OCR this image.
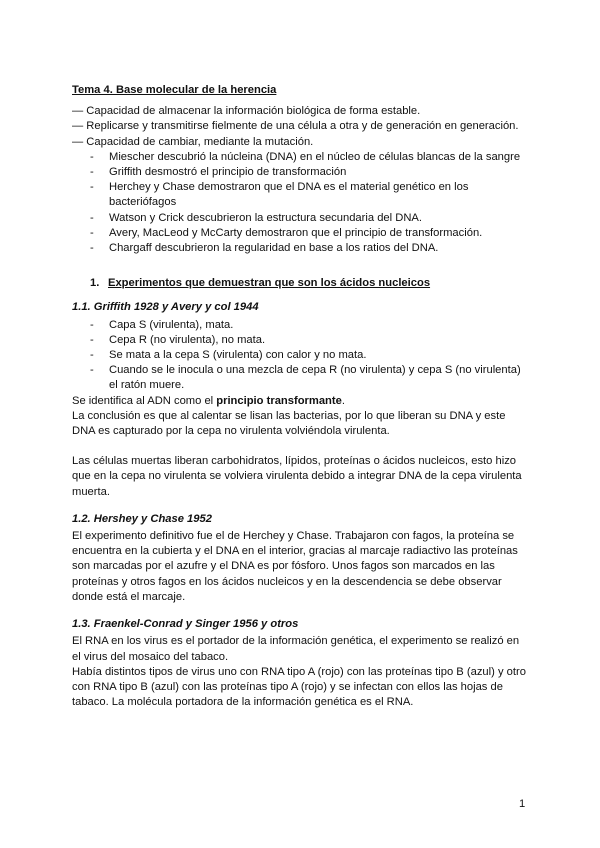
Tema 4. Base molecular de la herencia
— Capacidad de almacenar la información biológica de forma estable.
— Replicarse y transmitirse fielmente de una célula a otra y de generación en generación.
— Capacidad de cambiar, mediante la mutación.
- Miescher descubrió la núcleina (DNA) en el núcleo de células blancas de la sangre
- Griffith desmostró el principio de transformación
- Herchey y Chase demostraron que el DNA es el material genético en los bacteriófagos
- Watson y Crick descubrieron la estructura secundaria del DNA.
- Avery, MacLeod y McCarty demostraron que el principio de transformación.
- Chargaff descubrieron la regularidad en base a los ratios del DNA.
1. Experimentos que demuestran que son los ácidos nucleicos
1.1. Griffith 1928 y Avery y col 1944
- Capa S (virulenta), mata.
- Cepa R (no virulenta), no mata.
- Se mata a la cepa S (virulenta) con calor y no mata.
- Cuando se le inocula o una mezcla de cepa R (no virulenta) y cepa S (no virulenta) el ratón muere.

Se identifica al ADN como el principio transformante.

La conclusión es que al calentar se lisan las bacterias, por lo que liberan su DNA y este DNA es capturado por la cepa no virulenta volviéndola virulenta.

Las células muertas liberan carbohidratos, lípidos, proteínas o ácidos nucleicos, esto hizo que en la cepa no virulenta se volviera virulenta debido a integrar DNA de la cepa virulenta muerta.

1.2. Hershey y Chase 1952

El experimento definitivo fue el de Herchey y Chase. Trabajaron con fagos, la proteína se encuentra en la cubierta y el DNA en el interior, gracias al marcaje radiactivo las proteínas son marcadas por el azufre y el DNA es por fósforo. Unos fagos son marcados en las proteínas y otros fagos en los ácidos nucleicos y en la descendencia se debe observar donde está el marcaje.

1.3. Fraenkel-Conrad y Singer 1956 y otros

El RNA en los virus es el portador de la información genética, el experimento se realizó en el virus del mosaico del tabaco.

Había distintos tipos de virus uno con RNA tipo A (rojo) con las proteínas tipo B (azul) y otro con RNA tipo B (azul) con las proteínas tipo A (rojo) y se infectan con ellos las hojas de tabaco. La molécula portadora de la información genética es el RNA.

1
